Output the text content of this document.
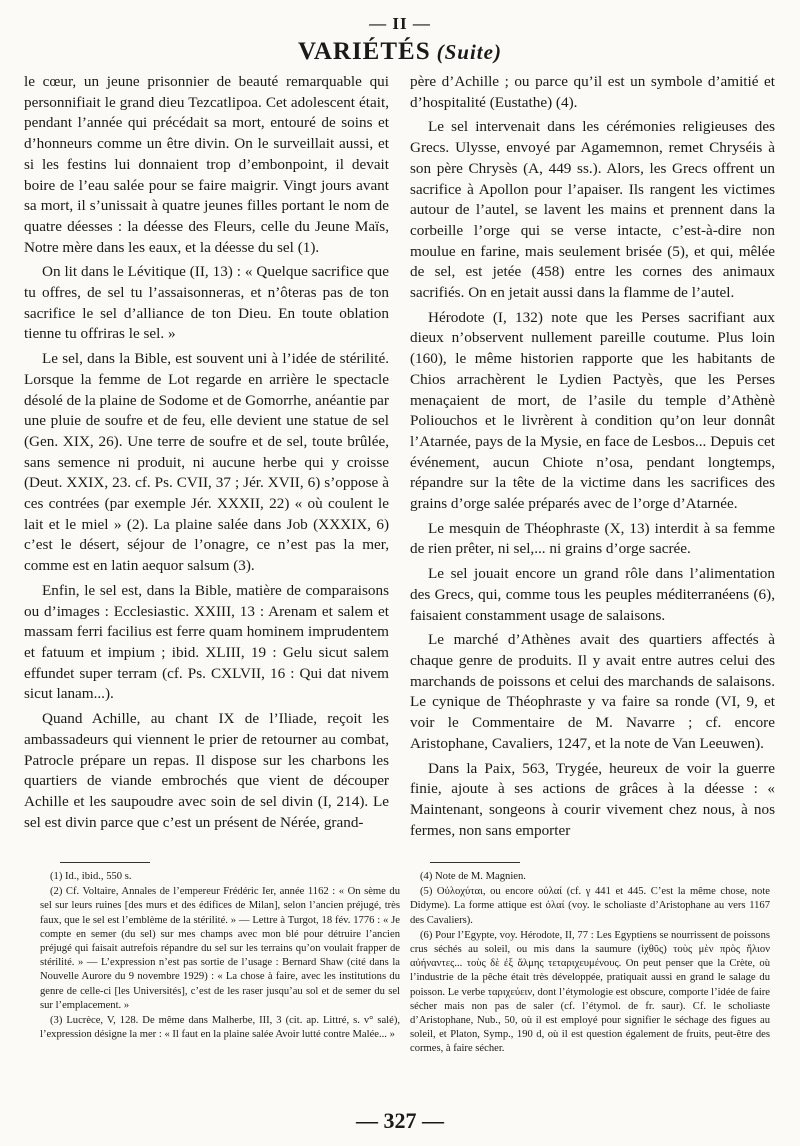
— II —
VARIÉTÉS (Suite)

le cœur, un jeune prisonnier de beauté remarquable qui personnifiait le grand dieu Tezcatlipoa. Cet adolescent était, pendant l’année qui précédait sa mort, entouré de soins et d’honneurs comme un être divin. On le surveillait aussi, et si les festins lui donnaient trop d’embonpoint, il devait boire de l’eau salée pour se faire maigrir. Vingt jours avant sa mort, il s’unissait à quatre jeunes filles portant le nom de quatre déesses : la déesse des Fleurs, celle du Jeune Maïs, Notre mère dans les eaux, et la déesse du sel (1).

On lit dans le Lévitique (II, 13) : « Quelque sacrifice que tu offres, de sel tu l’assaisonneras, et n’ôteras pas de ton sacrifice le sel d’alliance de ton Dieu. En toute oblation tienne tu offriras le sel. »

Le sel, dans la Bible, est souvent uni à l’idée de stérilité. Lorsque la femme de Lot regarde en arrière le spectacle désolé de la plaine de Sodome et de Gomorrhe, anéantie par une pluie de soufre et de feu, elle devient une statue de sel (Gen. XIX, 26). Une terre de soufre et de sel, toute brûlée, sans semence ni produit, ni aucune herbe qui y croisse (Deut. XXIX, 23. cf. Ps. CVII, 37 ; Jér. XVII, 6) s’oppose à ces contrées (par exemple Jér. XXXII, 22) « où coulent le lait et le miel » (2). La plaine salée dans Job (XXXIX, 6) c’est le désert, séjour de l’onagre, ce n’est pas la mer, comme est en latin aequor salsum (3).

Enfin, le sel est, dans la Bible, matière de comparaisons ou d’images : Ecclesiastic. XXIII, 13 : Arenam et salem et massam ferri facilius est ferre quam hominem imprudentem et fatuum et impium ; ibid. XLIII, 19 : Gelu sicut salem effundet super terram (cf. Ps. CXLVII, 16 : Qui dat nivem sicut lanam...).

Quand Achille, au chant IX de l’Iliade, reçoit les ambassadeurs qui viennent le prier de retourner au combat, Patrocle prépare un repas. Il dispose sur les charbons les quartiers de viande embrochés que vient de découper Achille et les saupoudre avec soin de sel divin (I, 214). Le sel est divin parce que c’est un présent de Nérée, grand-

père d’Achille ; ou parce qu’il est un symbole d’amitié et d’hospitalité (Eustathe) (4).

Le sel intervenait dans les cérémonies religieuses des Grecs. Ulysse, envoyé par Agamemnon, remet Chryséis à son père Chrysès (A, 449 ss.). Alors, les Grecs offrent un sacrifice à Apollon pour l’apaiser. Ils rangent les victimes autour de l’autel, se lavent les mains et prennent dans la corbeille l’orge qui se verse intacte, c’est-à-dire non moulue en farine, mais seulement brisée (5), et qui, mêlée de sel, est jetée (458) entre les cornes des animaux sacrifiés. On en jetait aussi dans la flamme de l’autel.

Hérodote (I, 132) note que les Perses sacrifiant aux dieux n’observent nullement pareille coutume. Plus loin (160), le même historien rapporte que les habitants de Chios arrachèrent le Lydien Pactyès, que les Perses menaçaient de mort, de l’asile du temple d’Athènè Poliouchos et le livrèrent à condition qu’on leur donnât l’Atarnée, pays de la Mysie, en face de Lesbos... Depuis cet événement, aucun Chiote n’osa, pendant longtemps, répandre sur la tête de la victime dans les sacrifices des grains d’orge salée préparés avec de l’orge d’Atarnée.

Le mesquin de Théophraste (X, 13) interdit à sa femme de rien prêter, ni sel,... ni grains d’orge sacrée.

Le sel jouait encore un grand rôle dans l’alimentation des Grecs, qui, comme tous les peuples méditerranéens (6), faisaient constamment usage de salaisons.

Le marché d’Athènes avait des quartiers affectés à chaque genre de produits. Il y avait entre autres celui des marchands de poissons et celui des marchands de salaisons. Le cynique de Théophraste y va faire sa ronde (VI, 9, et voir le Commentaire de M. Navarre ; cf. encore Aristophane, Cavaliers, 1247, et la note de Van Leeuwen).

Dans la Paix, 563, Trygée, heureux de voir la guerre finie, ajoute à ses actions de grâces à la déesse : « Maintenant, songeons à courir vivement chez nous, à nos fermes, non sans emporter

(1) Id., ibid., 550 s.

(2) Cf. Voltaire, Annales de l’empereur Frédéric Ier, année 1162 : « On sème du sel sur leurs ruines [des murs et des édifices de Milan], selon l’ancien préjugé, très faux, que le sel est l’emblème de la stérilité. » — Lettre à Turgot, 18 fév. 1776 : « Je compte en semer (du sel) sur mes champs avec mon blé pour détruire l’ancien préjugé qui faisait autrefois répandre du sel sur les terrains qu’on voulait frapper de stérilité. » — L’expression n’est pas sortie de l’usage : Bernard Shaw (cité dans la Nouvelle Aurore du 9 novembre 1929) : « La chose à faire, avec les institutions du genre de celle-ci [les Universités], c’est de les raser jusqu’au sol et de semer du sel sur l’emplacement. »

(3) Lucrèce, V, 128. De même dans Malherbe, III, 3 (cit. ap. Littré, s. v° salé), l’expression désigne la mer : « Il faut en la plaine salée Avoir lutté contre Malée... »

(4) Note de M. Magnien.

(5) Οὐλοχύται, ou encore οὐλαί (cf. γ 441 et 445. C’est la même chose, note Didyme). La forme attique est ὀλαί (voy. le scholiaste d’Aristophane au vers 1167 des Cavaliers).

(6) Pour l’Egypte, voy. Hérodote, II, 77 : Les Egyptiens se nourrissent de poissons crus séchés au soleil, ou mis dans la saumure (ἰχθῦς) τοὺς μὲν πρὸς ἥλιον αὐήναντες... τοὺς δὲ ἐξ ἅλμης τεταριχευμένους. On peut penser que la Crète, où l’industrie de la pêche était très développée, pratiquait aussi en grand le salage du poisson. Le verbe ταριχεύειν, dont l’étymologie est obscure, comporte l’idée de faire sécher mais non pas de saler (cf. l’étymol. de fr. saur). Cf. le scholiaste d’Aristophane, Nub., 50, où il est employé pour signifier le séchage des figues au soleil, et Platon, Symp., 190 d, où il est question également de fruits, peut-être des cormes, à faire sécher.

— 327 —
